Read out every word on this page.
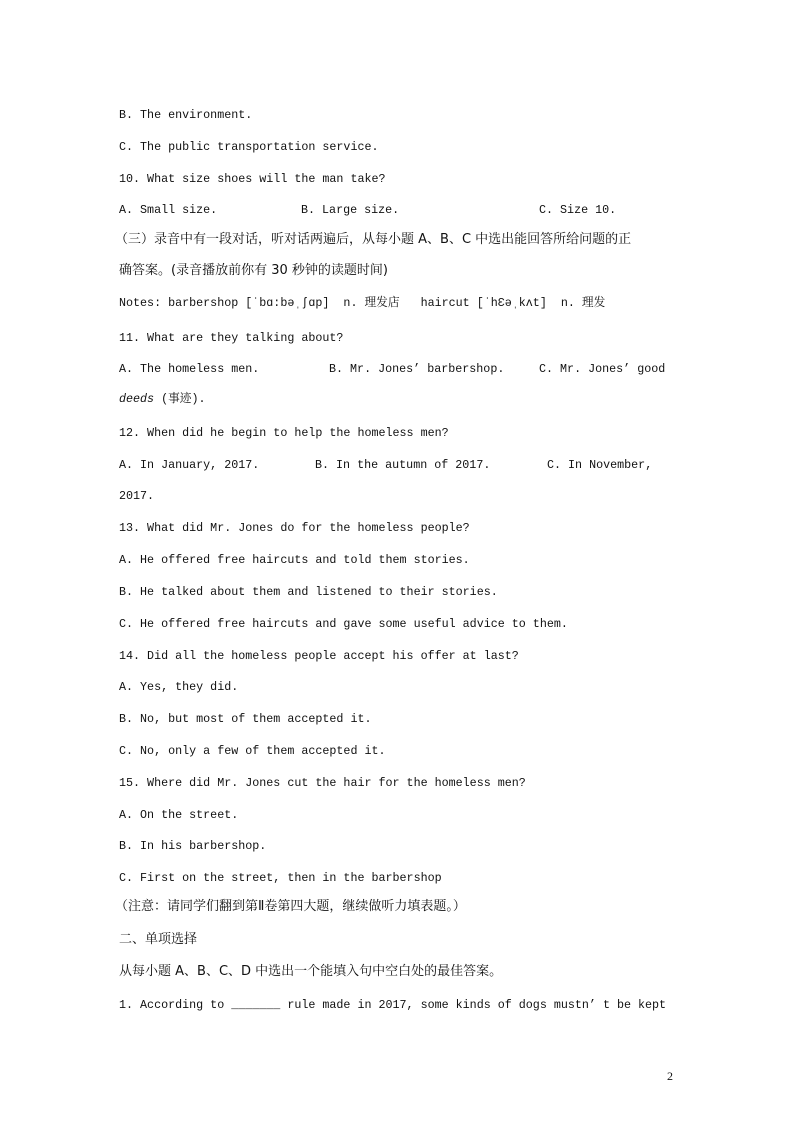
B. The environment.
C. The public transportation service.
10. What size shoes will the man take?

A. Small size.

	B. Large size.

	C. Size 10.

（三）录音中有一段对话，听对话两遍后，从每小题 A、B、C 中选出能回答所给问题的正
确答案。(录音播放前你有 30 秒钟的读题时间)
Notes: barbershop [ˈbɑ:bəˌʃɑp]  n. 理发店   haircut [ˈhƐəˌkʌt]  n. 理发
11. What are they talking about?

A. The homeless men.

	B. Mr. Jones’ barbershop.

	C. Mr. Jones’ good

deeds (事迹).
12. When did he begin to help the homeless men?

A. In January, 2017.

	B. In the autumn of 2017.

	C. In November,

2017.
13. What did Mr. Jones do for the homeless people?
A. He offered free haircuts and told them stories.
B. He talked about them and listened to their stories.
C. He offered free haircuts and gave some useful advice to them.
14. Did all the homeless people accept his offer at last?
A. Yes, they did.
B. No, but most of them accepted it.
C. No, only a few of them accepted it.
15. Where did Mr. Jones cut the hair for the homeless men?
A. On the street.
B. In his barbershop.
C. First on the street, then in the barbershop
（注意：请同学们翻到第Ⅱ卷第四大题，继续做听力填表题。）
二、单项选择
从每小题 A、B、C、D 中选出一个能填入句中空白处的最佳答案。
1. According to _______ rule made in 2017, some kinds of dogs mustn’ t be kept
2
